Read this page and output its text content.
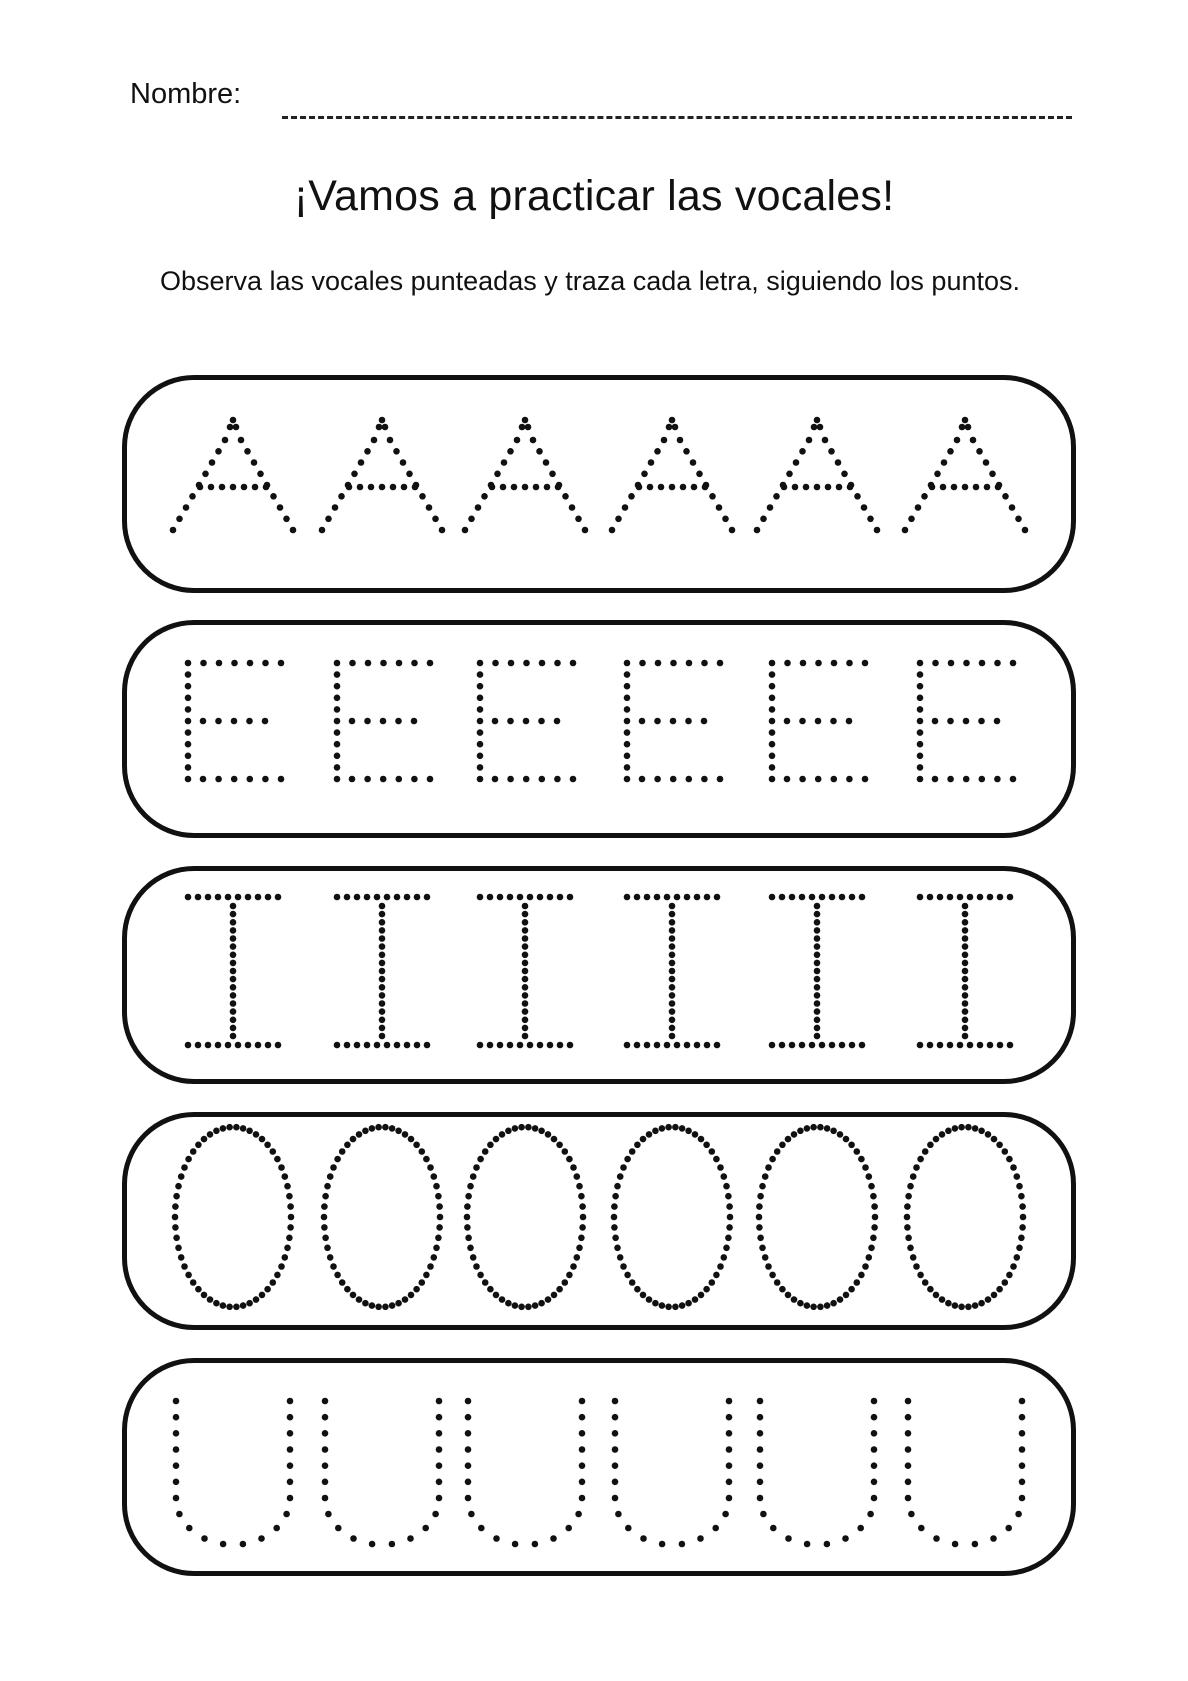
Nombre:
¡Vamos a practicar las vocales!
Observa las vocales punteadas y traza cada letra, siguiendo los puntos.
